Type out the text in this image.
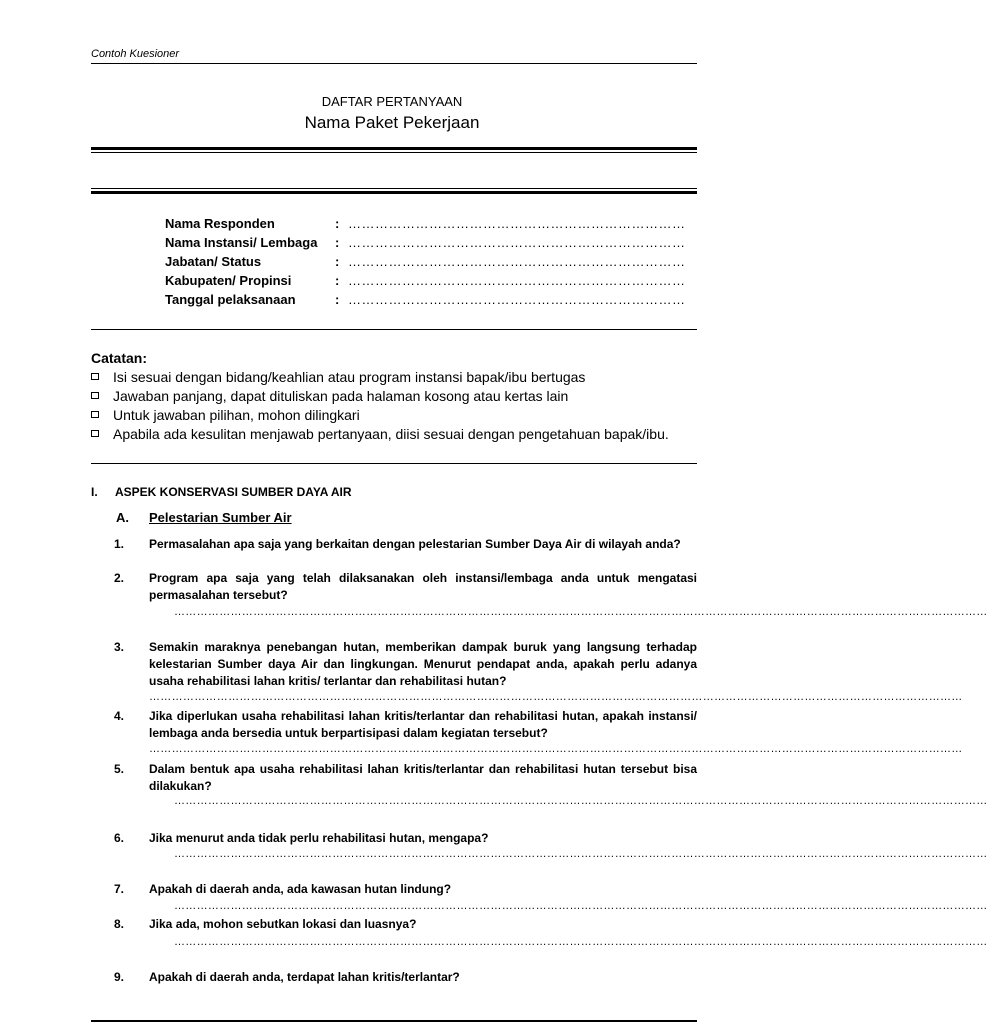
Contoh Kuesioner
DAFTAR PERTANYAAN
Nama Paket Pekerjaan
Nama Responden	: …………………………………………………………………
Nama Instansi/ Lembaga : …………………………………………………………………
Jabatan/ Status	: …………………………………………………………………
Kabupaten/ Propinsi	: …………………………………………………………………
Tanggal pelaksanaan	: …………………………………………………………………
Catatan:
Isi sesuai dengan bidang/keahlian atau program instansi bapak/ibu bertugas
Jawaban panjang, dapat dituliskan pada halaman kosong atau kertas lain
Untuk jawaban pilihan, mohon dilingkari
Apabila ada kesulitan menjawab pertanyaan, diisi sesuai dengan pengetahuan bapak/ibu.
I. ASPEK KONSERVASI SUMBER DAYA AIR
A. Pelestarian Sumber Air
1. Permasalahan apa saja yang berkaitan dengan pelestarian Sumber Daya Air di wilayah anda?
2. Program apa saja yang telah dilaksanakan oleh instansi/lembaga anda untuk mengatasi permasalahan tersebut?
………………………………………………………………………………………………………………………………………………………………………………………………
3. Semakin maraknya penebangan hutan, memberikan dampak buruk yang langsung terhadap kelestarian Sumber daya Air dan lingkungan. Menurut pendapat anda, apakah perlu adanya usaha rehabilitasi lahan kritis/ terlantar dan rehabilitasi hutan?
………………………………………………………………………………………………………………………………………………………………………………………………
4. Jika diperlukan usaha rehabilitasi lahan kritis/terlantar dan rehabilitasi hutan, apakah instansi/ lembaga anda bersedia untuk berpartisipasi dalam kegiatan tersebut?
………………………………………………………………………………………………………………………………………………………………………………………………
5. Dalam bentuk apa usaha rehabilitasi lahan kritis/terlantar dan rehabilitasi hutan tersebut bisa dilakukan?
………………………………………………………………………………………………………………………………………………………………………………………………
6. Jika menurut anda tidak perlu rehabilitasi hutan, mengapa?
………………………………………………………………………………………………………………………………………………………………………………………………
7. Apakah di daerah anda, ada kawasan hutan lindung?
………………………………………………………………………………………………………………………………………………………………………………………………
8. Jika ada, mohon sebutkan lokasi dan luasnya?
………………………………………………………………………………………………………………………………………………………………………………………………
9. Apakah di daerah anda, terdapat lahan kritis/terlantar?
